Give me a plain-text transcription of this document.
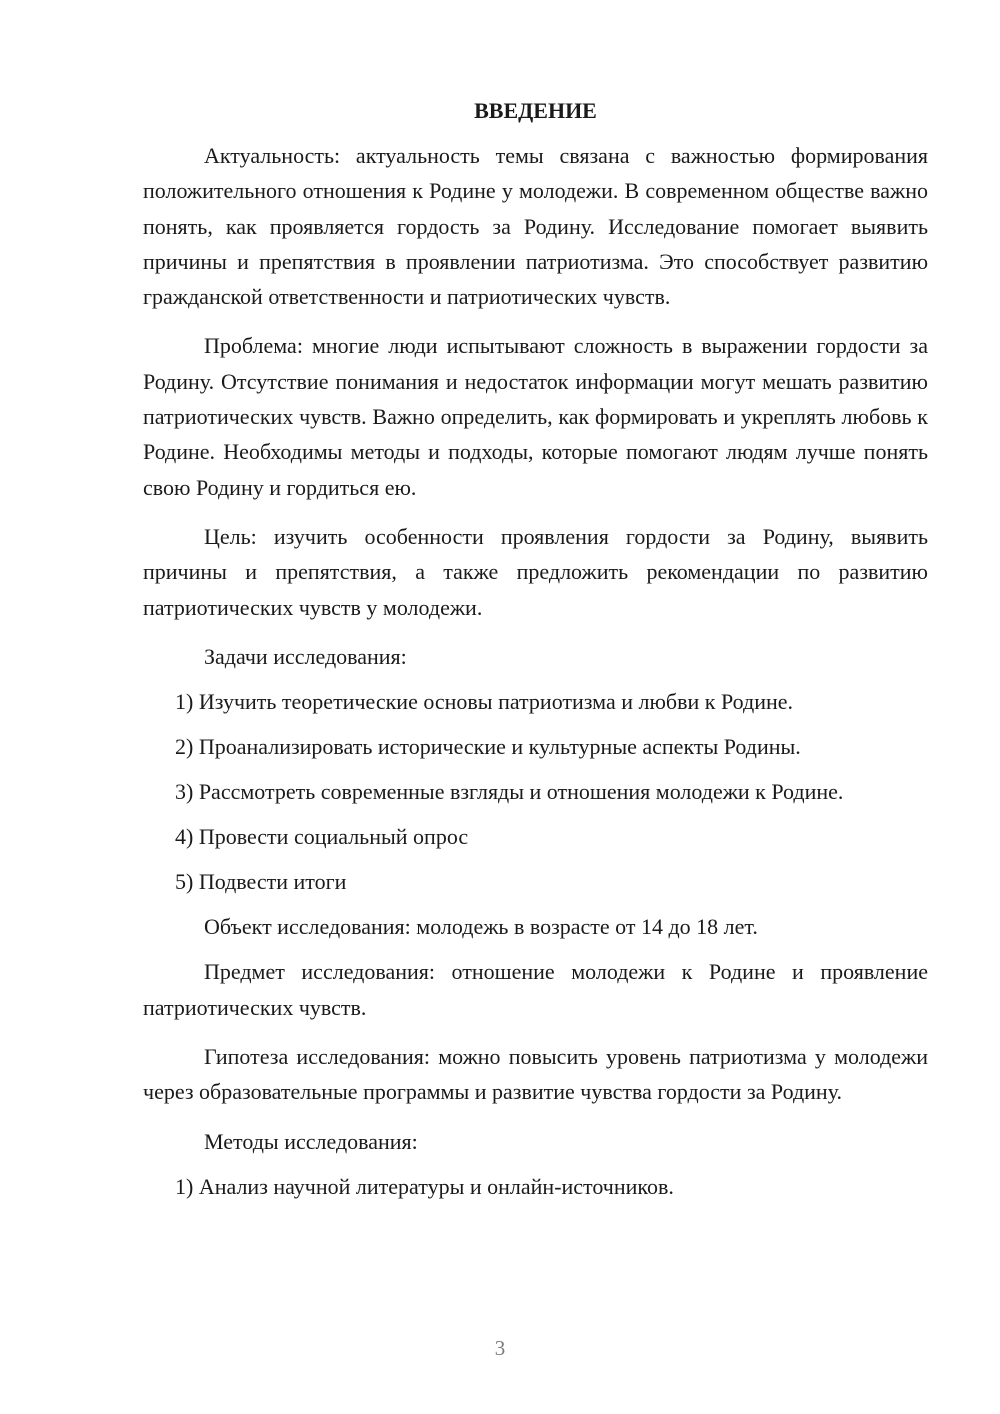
ВВЕДЕНИЕ

Актуальность: актуальность темы связана с важностью формирования положительного отношения к Родине у молодежи. В современном обществе важно понять, как проявляется гордость за Родину. Исследование помогает выявить причины и препятствия в проявлении патриотизма. Это способствует развитию гражданской ответственности и патриотических чувств.

Проблема: многие люди испытывают сложность в выражении гордости за Родину. Отсутствие понимания и недостаток информации могут мешать развитию патриотических чувств. Важно определить, как формировать и укреплять любовь к Родине. Необходимы методы и подходы, которые помогают людям лучше понять свою Родину и гордиться ею.

Цель: изучить особенности проявления гордости за Родину, выявить причины и препятствия, а также предложить рекомендации по развитию патриотических чувств у молодежи.

Задачи исследования:

1) Изучить теоретические основы патриотизма и любви к Родине.
2) Проанализировать исторические и культурные аспекты Родины.
3) Рассмотреть современные взгляды и отношения молодежи к Родине.
4) Провести социальный опрос
5) Подвести итоги

Объект исследования: молодежь в возрасте от 14 до 18 лет.

Предмет исследования: отношение молодежи к Родине и проявление патриотических чувств.

Гипотеза исследования: можно повысить уровень патриотизма у молодежи через образовательные программы и развитие чувства гордости за Родину.

Методы исследования:

1) Анализ научной литературы и онлайн-источников.
3
